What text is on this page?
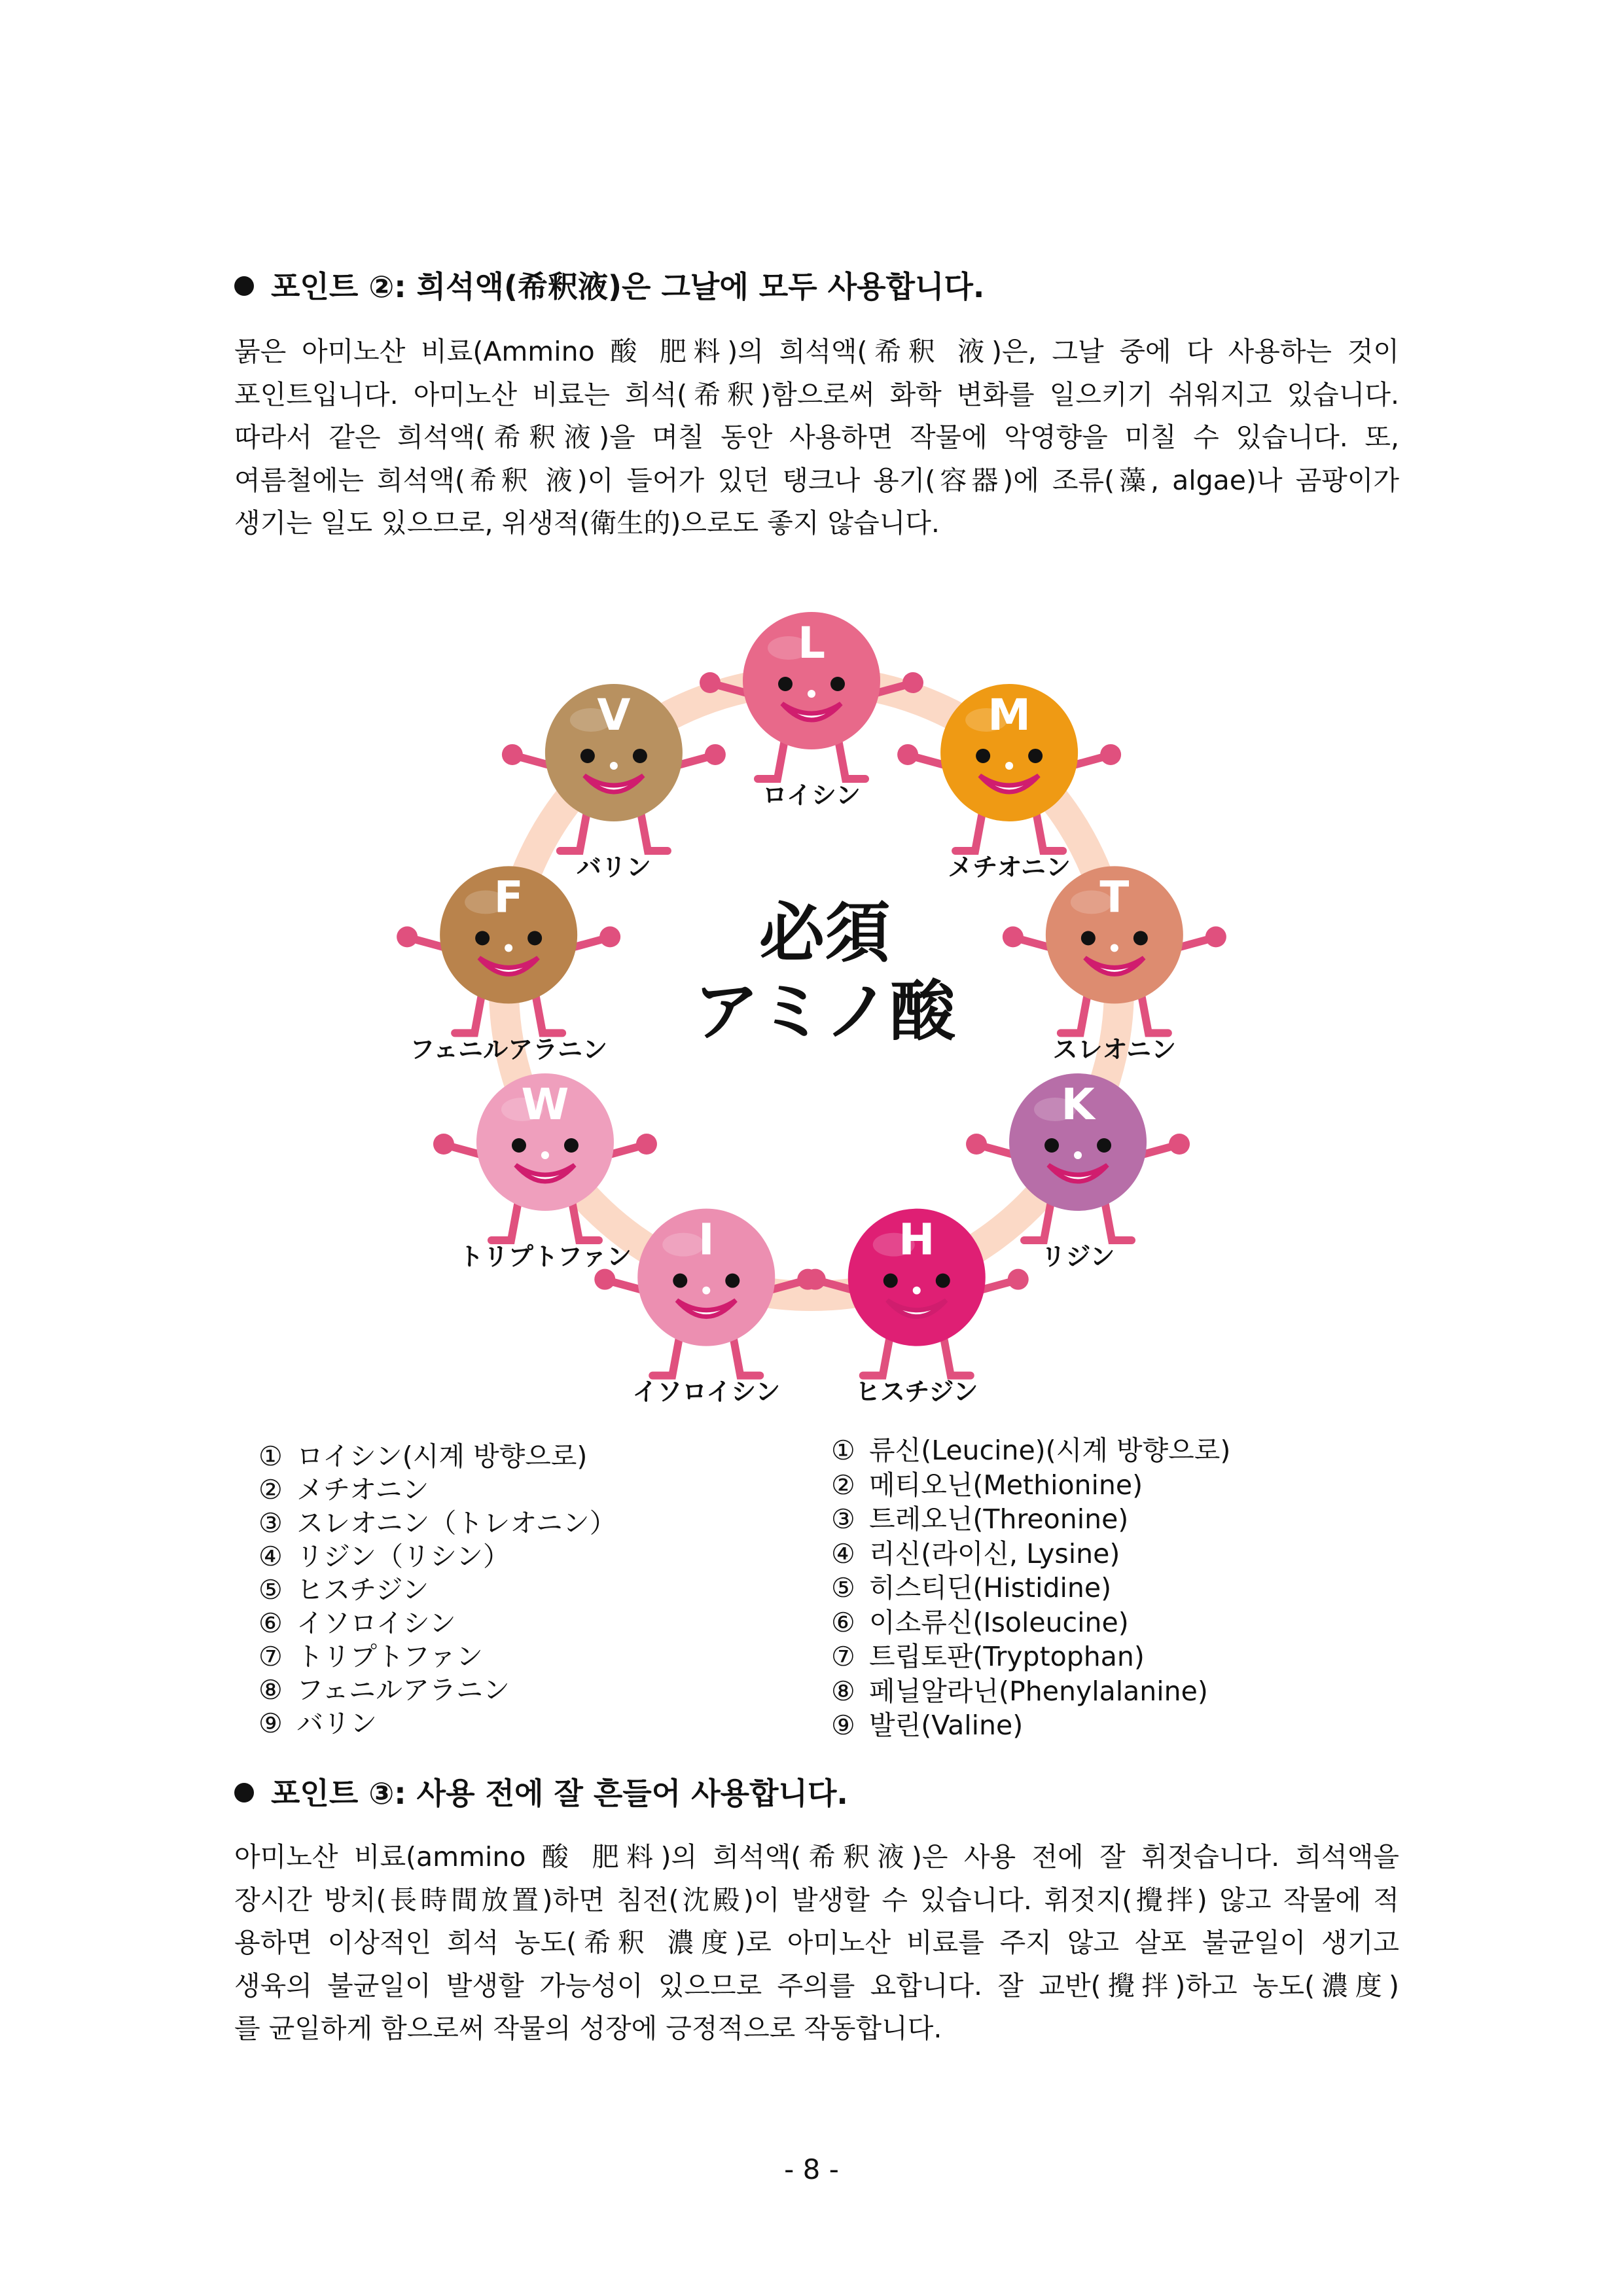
포인트 ②: 희석액(希釈液)은 그날에 모두 사용합니다.

묽은 아미노산 비료(Ammino 酸 肥料)의 희석액(希釈 液)은, 그날 중에 다 사용하는 것이

포인트입니다. 아미노산 비료는 희석(希釈)함으로써 화학 변화를 일으키기 쉬워지고 있습니다.

따라서 같은 희석액(希釈液)을 며칠 동안 사용하면 작물에 악영향을 미칠 수 있습니다. 또,

여름철에는 희석액(希釈 液)이 들어가 있던 탱크나 용기(容器)에 조류(藻, algae)나 곰팡이가

생기는 일도 있으므로, 위생적(衛生的)으로도 좋지 않습니다.

必須
アミノ酸
L
ロイシン
M
メチオニン
T
スレオニン
K
リジン
H
ヒスチジン
I
イソロイシン
W
トリプトファン
F
フェニルアラニン
V
バリン
① ロイシン(시계 방향으로)
② メチオニン
③ スレオニン（トレオニン）
④ リジン（リシン）
⑤ ヒスチジン
⑥ イソロイシン
⑦ トリプトファン
⑧ フェニルアラニン
⑨ バリン
① 류신(Leucine)(시계 방향으로)
② 메티오닌(Methionine)
③ 트레오닌(Threonine)
④ 리신(라이신, Lysine)
⑤ 히스티딘(Histidine)
⑥ 이소류신(Isoleucine)
⑦ 트립토판(Tryptophan)
⑧ 페닐알라닌(Phenylalanine)
⑨ 발린(Valine)
포인트 ③: 사용 전에 잘 흔들어 사용합니다.

아미노산 비료(ammino 酸 肥料)의 희석액(希釈液)은 사용 전에 잘 휘젓습니다. 희석액을

장시간 방치(長時間放置)하면 침전(沈殿)이 발생할 수 있습니다. 휘젓지(攪拌) 않고 작물에 적

용하면 이상적인 희석 농도(希釈 濃度)로 아미노산 비료를 주지 않고 살포 불균일이 생기고

생육의 불균일이 발생할 가능성이 있으므로 주의를 요합니다. 잘 교반(攪拌)하고 농도(濃度)

를 균일하게 함으로써 작물의 성장에 긍정적으로 작동합니다.

- 8 -
